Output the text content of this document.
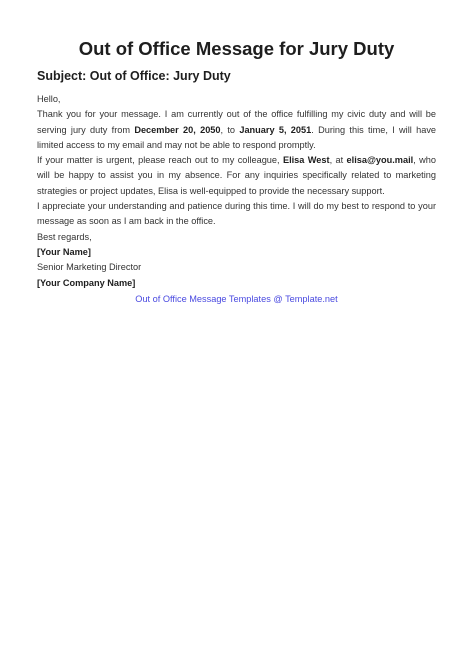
Out of Office Message for Jury Duty
Subject: Out of Office: Jury Duty
Hello,

Thank you for your message. I am currently out of the office fulfilling my civic duty and will be serving jury duty from December 20, 2050, to January 5, 2051. During this time, I will have limited access to my email and may not be able to respond promptly.

If your matter is urgent, please reach out to my colleague, Elisa West, at elisa@you.mail, who will be happy to assist you in my absence. For any inquiries specifically related to marketing strategies or project updates, Elisa is well-equipped to provide the necessary support.

I appreciate your understanding and patience during this time. I will do my best to respond to your message as soon as I am back in the office.

Best regards,
[Your Name]
Senior Marketing Director
[Your Company Name]
Out of Office Message Templates @ Template.net
